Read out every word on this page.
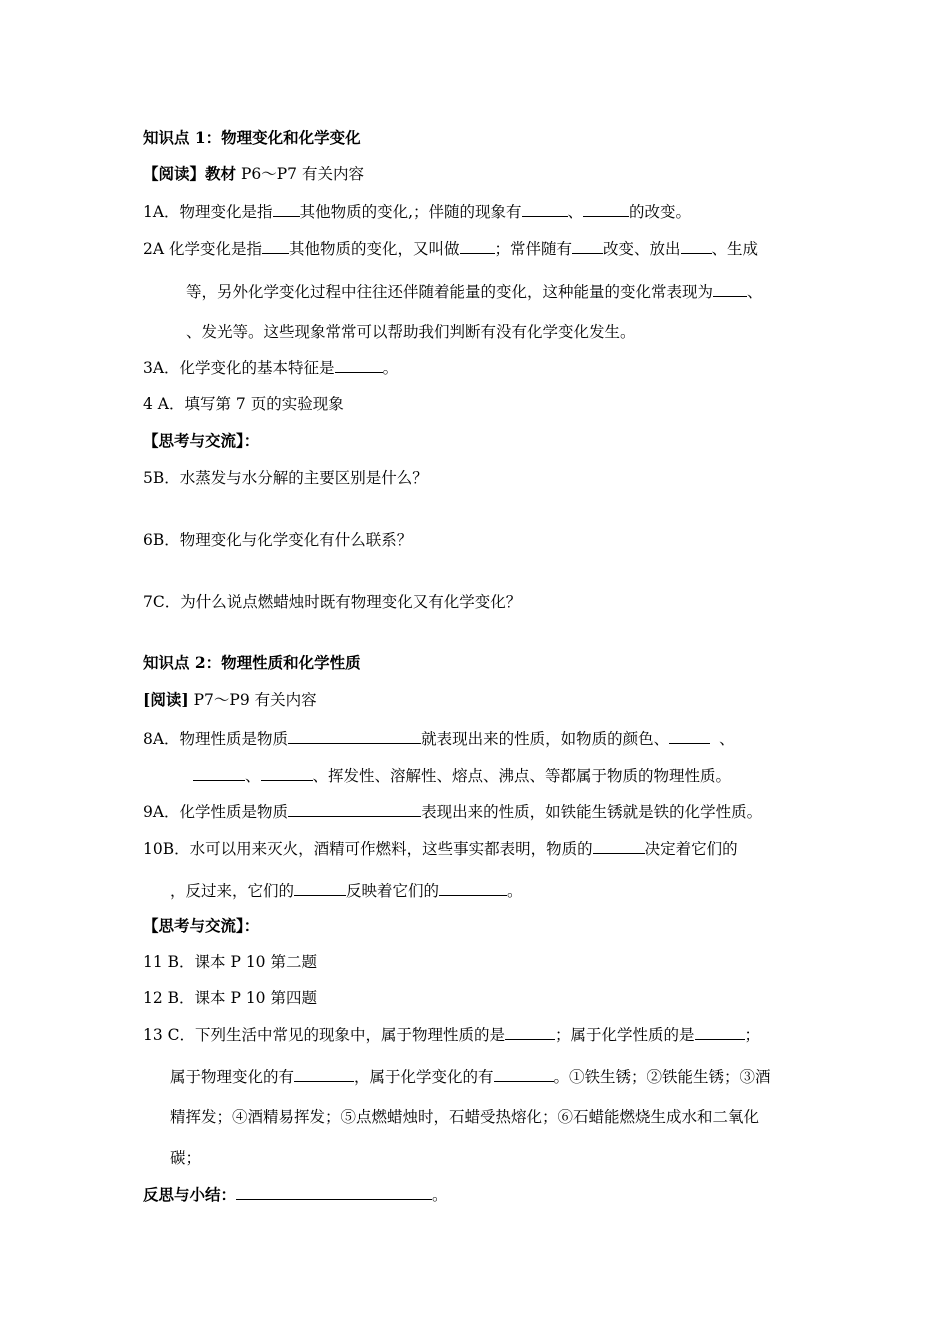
知识点 1：物理变化和化学变化
【阅读】教材 P6～P7 有关内容
1A．物理变化是指 其他物质的变化,；伴随的现象有	、	的改变。
2A 化学变化是指 其他物质的变化，又叫做 ；常伴随有 改变、放出 、生成
等，另外化学变化过程中往往还伴随着能量的变化，这种能量的变化常表现为 、
、发光等。这些现象常常可以帮助我们判断有没有化学变化发生。
3A．化学变化的基本特征是	。
4 A．填写第 7 页的实验现象
【思考与交流】：
5B．水蒸发与水分解的主要区别是什么？
6B．物理变化与化学变化有什么联系？
7C．为什么说点燃蜡烛时既有物理变化又有化学变化？
知识点 2：物理性质和化学性质
[阅读] P7～P9 有关内容
8A．物理性质是物质	就表现出来的性质，如物质的颜色、	、
、	、挥发性、溶解性、熔点、沸点、等都属于物质的物理性质。
9A．化学性质是物质	表现出来的性质，如铁能生锈就是铁的化学性质。
10B．水可以用来灭火，酒精可作燃料，这些事实都表明，物质的	决定着它们的
，反过来，它们的	反映着它们的	。
【思考与交流】：
11 B．课本 P 10 第二题
12 B．课本 P 10 第四题
13 C．下列生活中常见的现象中，属于物理性质的是	；属于化学性质的是	；
属于物理变化的有	，属于化学变化的有	。①铁生锈；②铁能生锈；③酒
精挥发；④酒精易挥发；⑤点燃蜡烛时，石蜡受热熔化；⑥石蜡能燃烧生成水和二氧化
碳；
反思与小结：	。
